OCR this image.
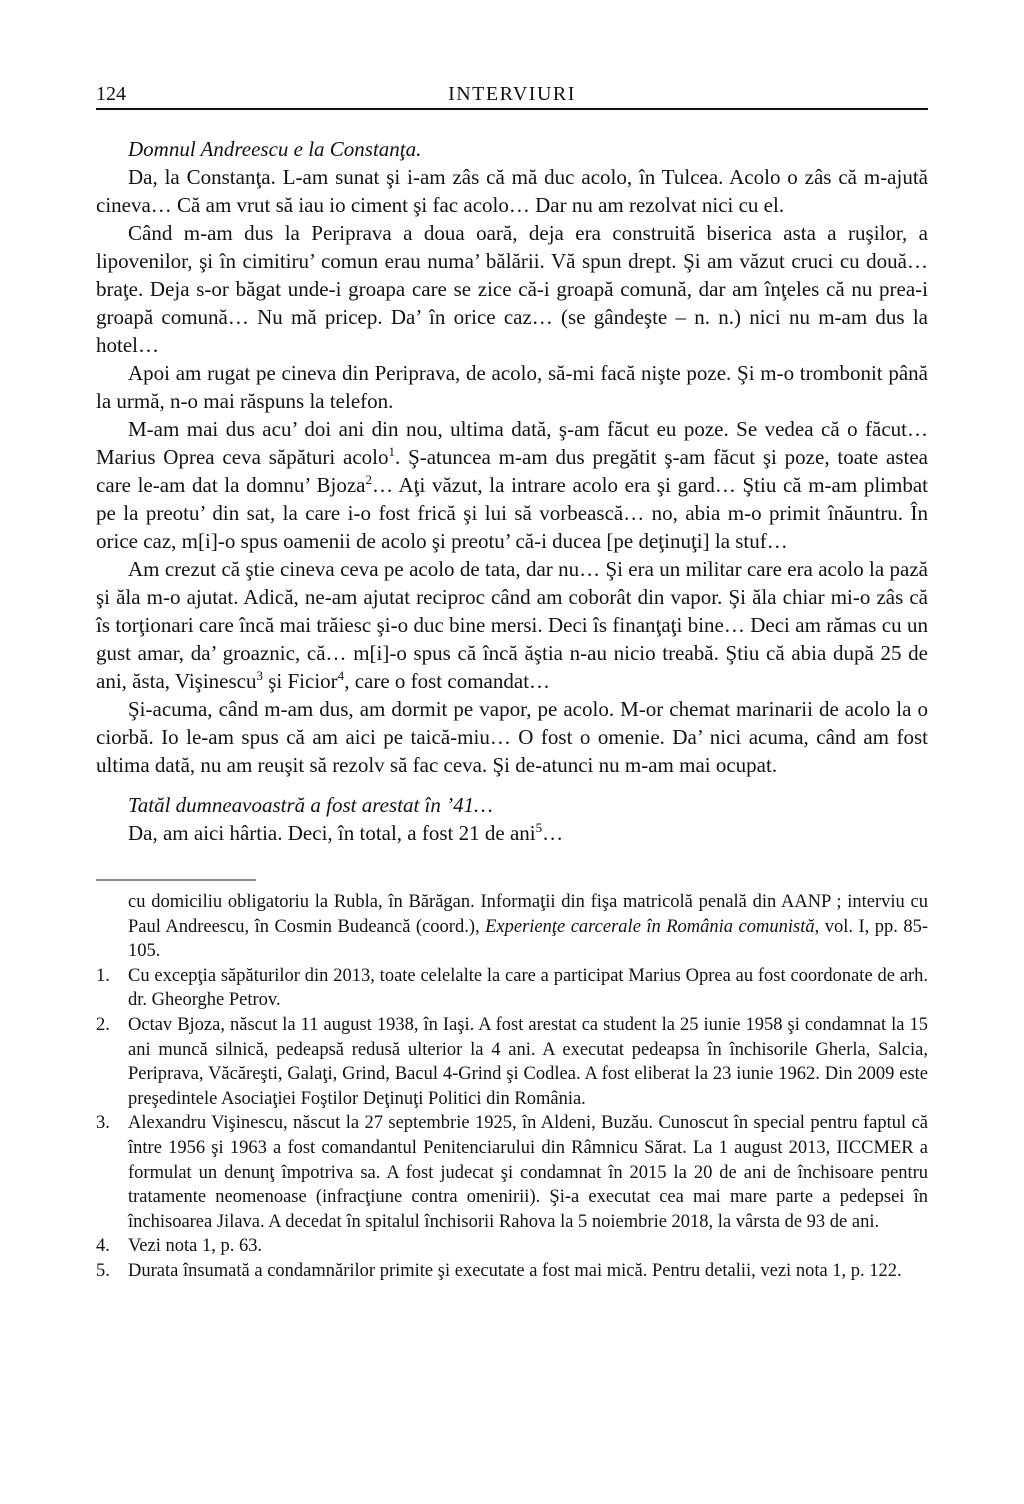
124	INTERVIURI

Domnul Andreescu e la Constanţa.

Da, la Constanţa. L-am sunat şi i-am zâs că mă duc acolo, în Tulcea. Acolo o zâs că m-ajută cineva… Că am vrut să iau io ciment şi fac acolo… Dar nu am rezolvat nici cu el.

Când m-am dus la Periprava a doua oară, deja era construită biserica asta a ruşilor, a lipovenilor, şi în cimitiru’ comun erau numa’ bălării. Vă spun drept. Şi am văzut cruci cu două… braţe. Deja s-or băgat unde-i groapa care se zice că-i groapă comună, dar am înţeles că nu prea-i groapă comună… Nu mă pricep. Da’ în orice caz… (se gândeşte – n. n.) nici nu m-am dus la hotel…

Apoi am rugat pe cineva din Periprava, de acolo, să-mi facă nişte poze. Şi m-o trombonit până la urmă, n-o mai răspuns la telefon.

M-am mai dus acu’ doi ani din nou, ultima dată, ş-am făcut eu poze. Se vedea că o făcut… Marius Oprea ceva săpături acolo$^1$. Ş-atuncea m-am dus pregătit ş-am făcut şi poze, toate astea care le-am dat la domnu’ Bjoza$^2$… Aţi văzut, la intrare acolo era şi gard… Ştiu că m-am plimbat pe la preotu’ din sat, la care i-o fost frică şi lui să vorbească… no, abia m-o primit înăuntru. În orice caz, m[i]-o spus oamenii de acolo şi preotu’ că-i ducea [pe deţinuţi] la stuf…

Am crezut că ştie cineva ceva pe acolo de tata, dar nu… Şi era un militar care era acolo la pază şi ăla m-o ajutat. Adică, ne-am ajutat reciproc când am coborât din vapor. Şi ăla chiar mi-o zâs că îs torţionari care încă mai trăiesc şi-o duc bine mersi. Deci îs finanţaţi bine… Deci am rămas cu un gust amar, da’ groaznic, că… m[i]-o spus că încă ăştia n-au nicio treabă. Ştiu că abia după 25 de ani, ăsta, Vişinescu$^3$ şi Ficior$^4$, care o fost comandat…

Şi-acuma, când m-am dus, am dormit pe vapor, pe acolo. M-or chemat marinarii de acolo la o ciorbă. Io le-am spus că am aici pe taică-miu… O fost o omenie. Da’ nici acuma, când am fost ultima dată, nu am reuşit să rezolv să fac ceva. Şi de-atunci nu m-am mai ocupat.

Tatăl dumneavoastră a fost arestat în ’41…

Da, am aici hârtia. Deci, în total, a fost 21 de ani$^5$…

cu domiciliu obligatoriu la Rubla, în Bărăgan. Informaţii din fişa matricolă penală din AANP ; interviu cu Paul Andreescu, în Cosmin Budeancă (coord.), Experienţe carcerale în România comunistă, vol. I, pp. 85-105.
1. Cu excepţia săpăturilor din 2013, toate celelalte la care a participat Marius Oprea au fost coordonate de arh. dr. Gheorghe Petrov.
2. Octav Bjoza, născut la 11 august 1938, în Iaşi. A fost arestat ca student la 25 iunie 1958 şi condamnat la 15 ani muncă silnică, pedeapsă redusă ulterior la 4 ani. A executat pedeapsa în închisorile Gherla, Salcia, Periprava, Văcăreşti, Galaţi, Grind, Bacul 4-Grind şi Codlea. A fost eliberat la 23 iunie 1962. Din 2009 este preşedintele Asociaţiei Foştilor Deţinuţi Politici din România.
3. Alexandru Vişinescu, născut la 27 septembrie 1925, în Aldeni, Buzău. Cunoscut în special pentru faptul că între 1956 şi 1963 a fost comandantul Penitenciarului din Râmnicu Sărat. La 1 august 2013, IICCMER a formulat un denunţ împotriva sa. A fost judecat şi condamnat în 2015 la 20 de ani de închisoare pentru tratamente neomenoase (infracţiune contra omenirii). Şi-a executat cea mai mare parte a pedepsei în închisoarea Jilava. A decedat în spitalul închisorii Rahova la 5 noiembrie 2018, la vârsta de 93 de ani.
4. Vezi nota 1, p. 63.
5. Durata însumată a condamnărilor primite şi executate a fost mai mică. Pentru detalii, vezi nota 1, p. 122.
